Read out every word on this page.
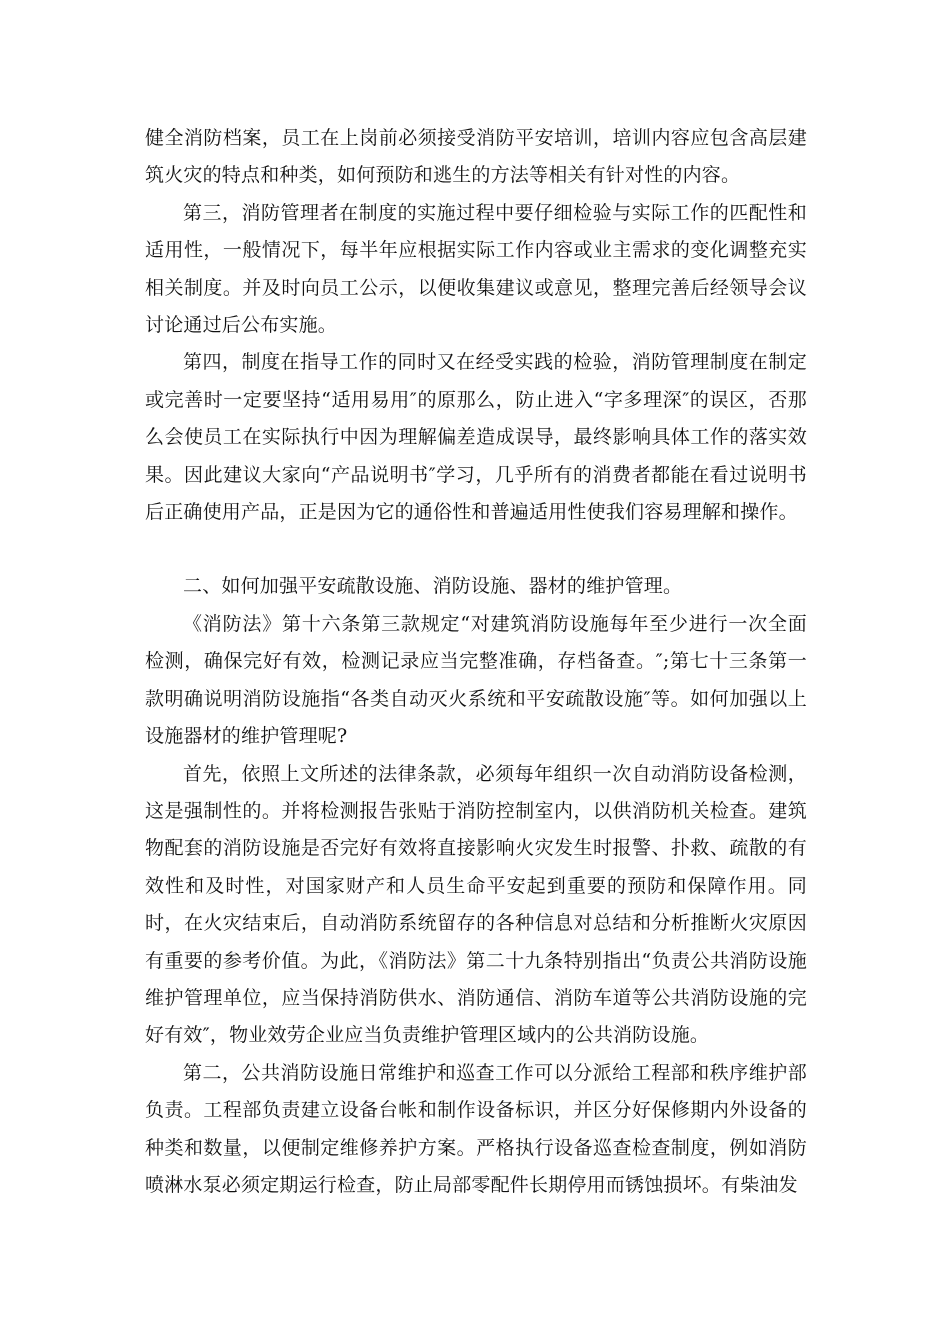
健全消防档案，员工在上岗前必须接受消防平安培训，培训内容应包含高层建筑火灾的特点和种类，如何预防和逃生的方法等相关有针对性的内容。

第三，消防管理者在制度的实施过程中要仔细检验与实际工作的匹配性和适用性，一般情况下，每半年应根据实际工作内容或业主需求的变化调整充实相关制度。并及时向员工公示，以便收集建议或意见，整理完善后经领导会议讨论通过后公布实施。

第四，制度在指导工作的同时又在经受实践的检验，消防管理制度在制定或完善时一定要坚持“适用易用″的原那么，防止进入“字多理深″的误区，否那么会使员工在实际执行中因为理解偏差造成误导，最终影响具体工作的落实效果。因此建议大家向“产品说明书″学习，几乎所有的消费者都能在看过说明书后正确使用产品，正是因为它的通俗性和普遍适用性使我们容易理解和操作。

二、如何加强平安疏散设施、消防设施、器材的维护管理。

《消防法》第十六条第三款规定“对建筑消防设施每年至少进行一次全面检测，确保完好有效，检测记录应当完整准确，存档备查。″;第七十三条第一款明确说明消防设施指“各类自动灭火系统和平安疏散设施″等。如何加强以上设施器材的维护管理呢?

首先，依照上文所述的法律条款，必须每年组织一次自动消防设备检测，这是强制性的。并将检测报告张贴于消防控制室内，以供消防机关检查。建筑物配套的消防设施是否完好有效将直接影响火灾发生时报警、扑救、疏散的有效性和及时性，对国家财产和人员生命平安起到重要的预防和保障作用。同时，在火灾结束后，自动消防系统留存的各种信息对总结和分析推断火灾原因有重要的参考价值。为此，《消防法》第二十九条特别指出“负责公共消防设施维护管理单位，应当保持消防供水、消防通信、消防车道等公共消防设施的完好有效″，物业效劳企业应当负责维护管理区域内的公共消防设施。

第二，公共消防设施日常维护和巡查工作可以分派给工程部和秩序维护部负责。工程部负责建立设备台帐和制作设备标识，并区分好保修期内外设备的种类和数量，以便制定维修养护方案。严格执行设备巡查检查制度，例如消防喷淋水泵必须定期运行检查，防止局部零配件长期停用而锈蚀损坏。有柴油发
